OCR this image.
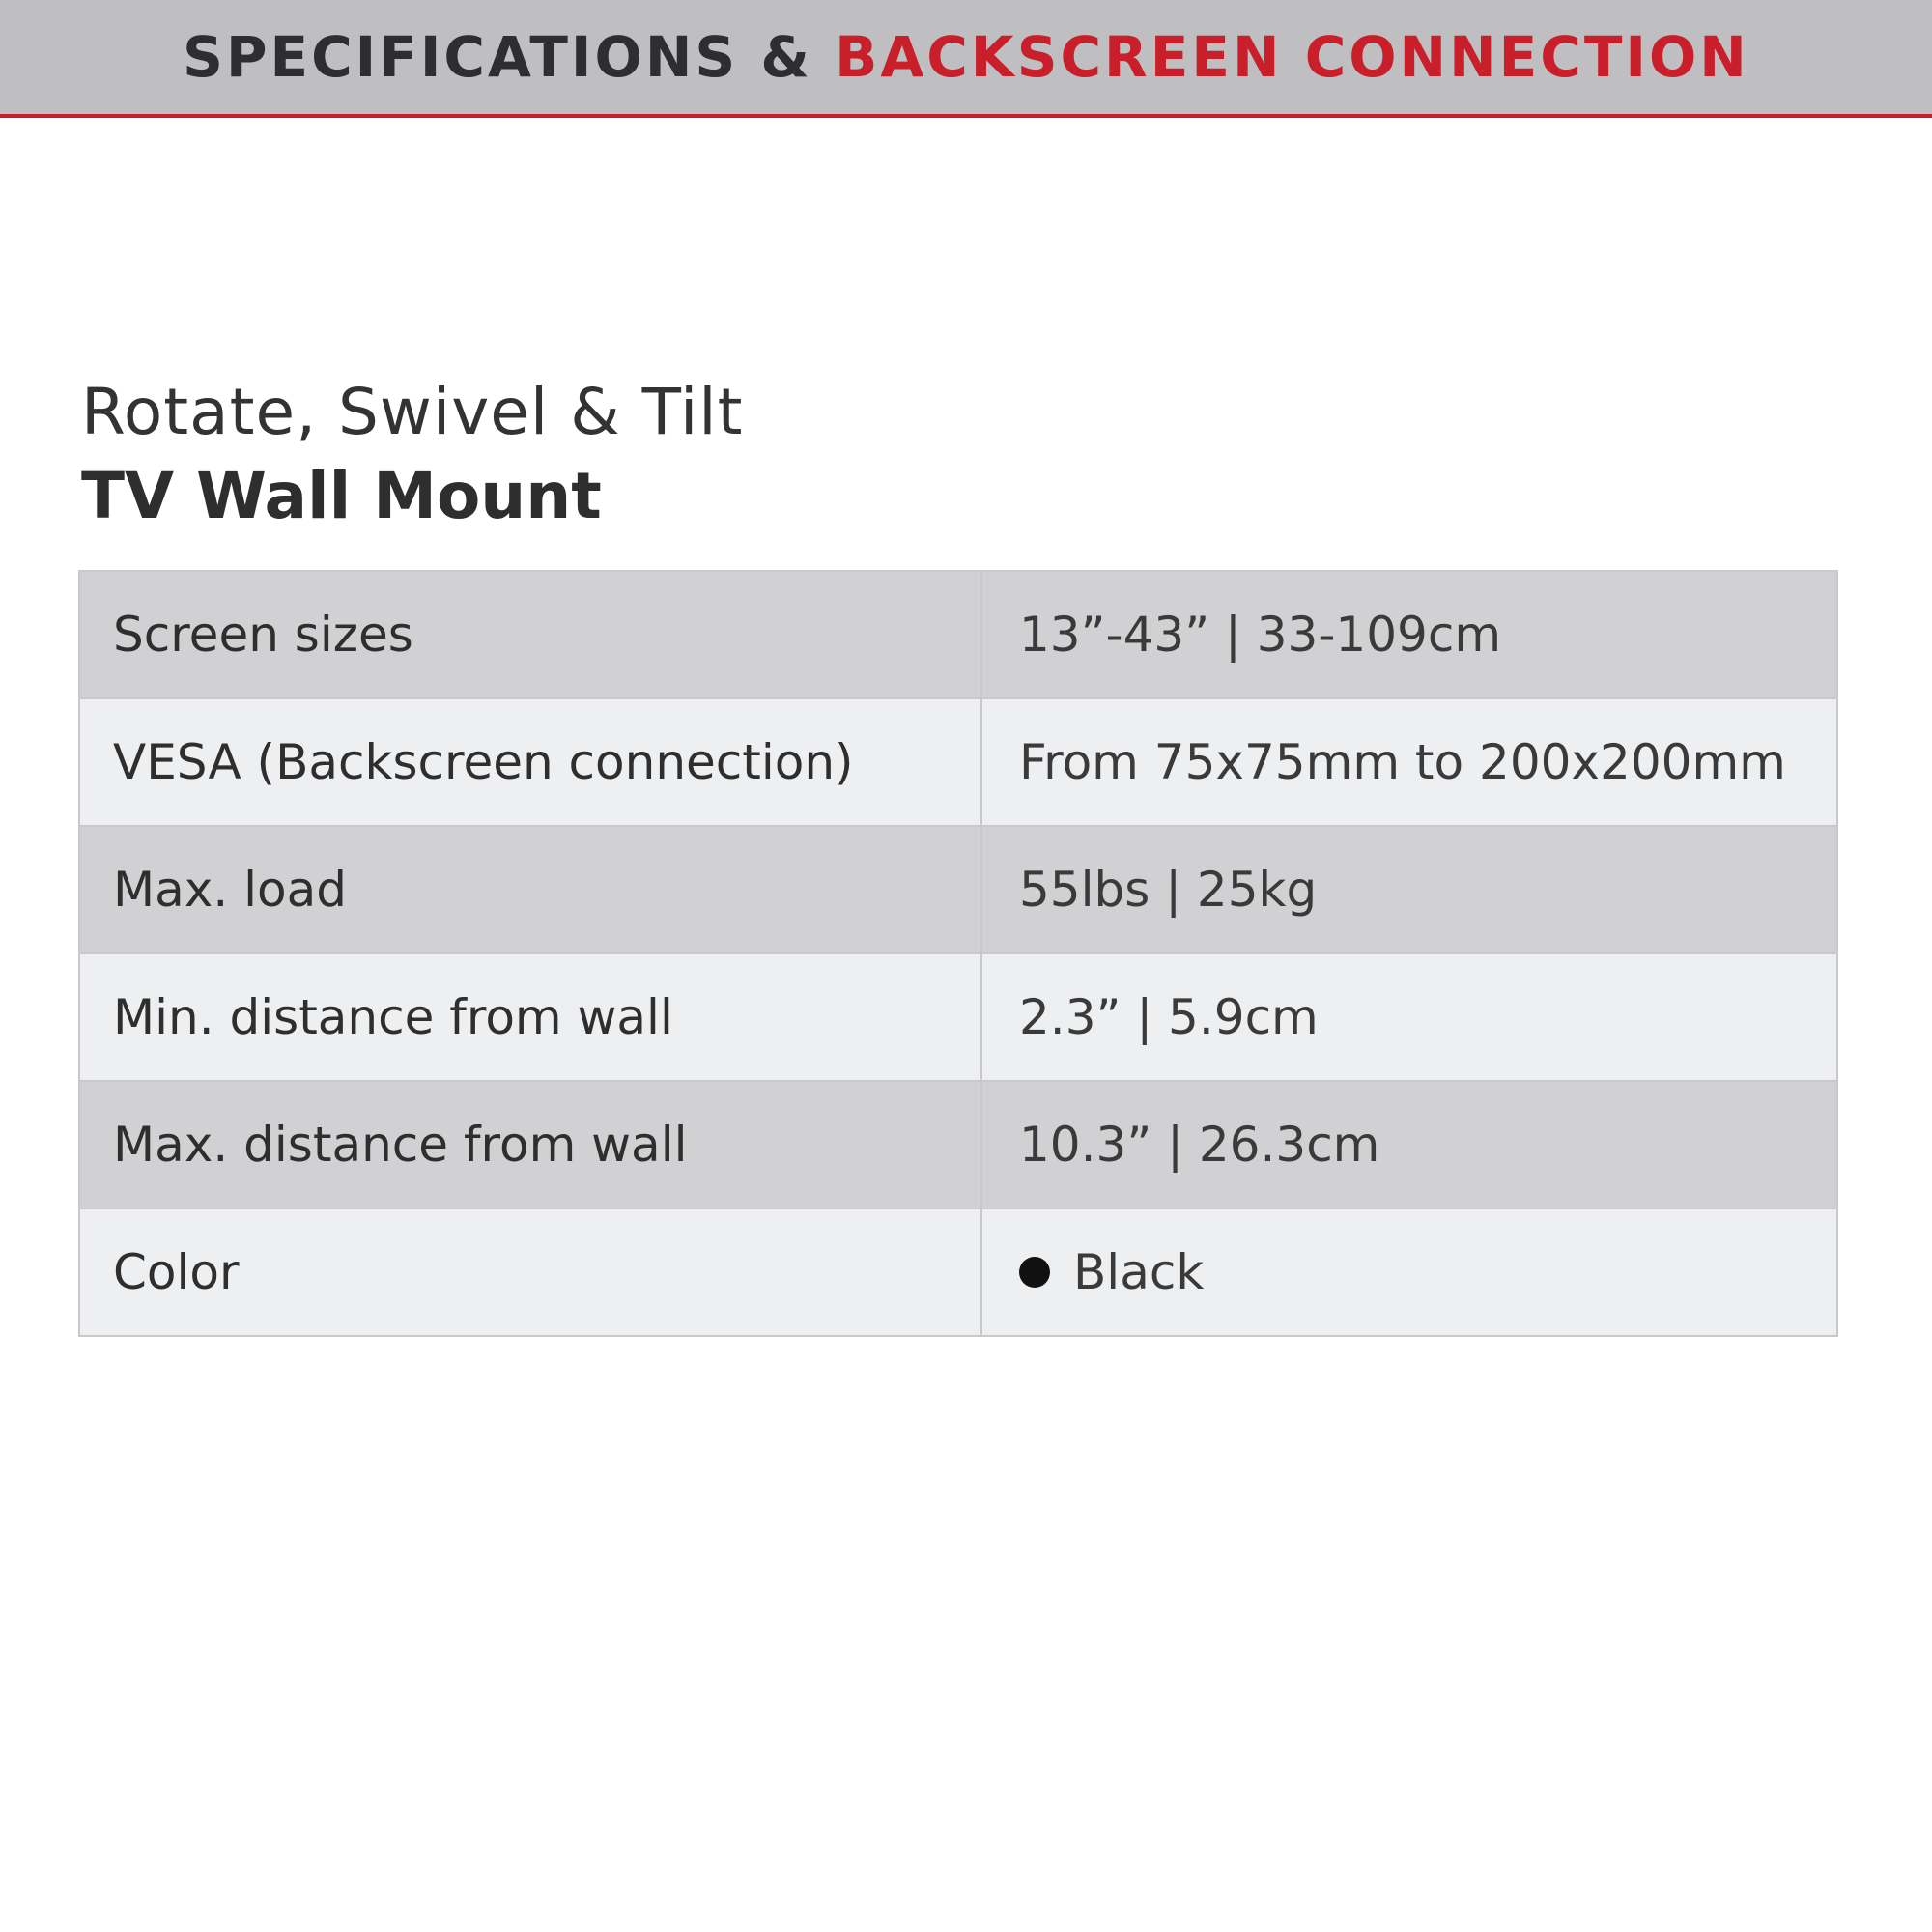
SPECIFICATIONS & BACKSCREEN CONNECTION
Rotate, Swivel & Tilt
TV Wall Mount
Screen sizes	13”-43” | 33-109cm
VESA (Backscreen connection)	From 75x75mm to 200x200mm
Max. load	55lbs | 25kg
Min. distance from wall	2.3” | 5.9cm
Max. distance from wall	10.3” | 26.3cm
Color	Black
